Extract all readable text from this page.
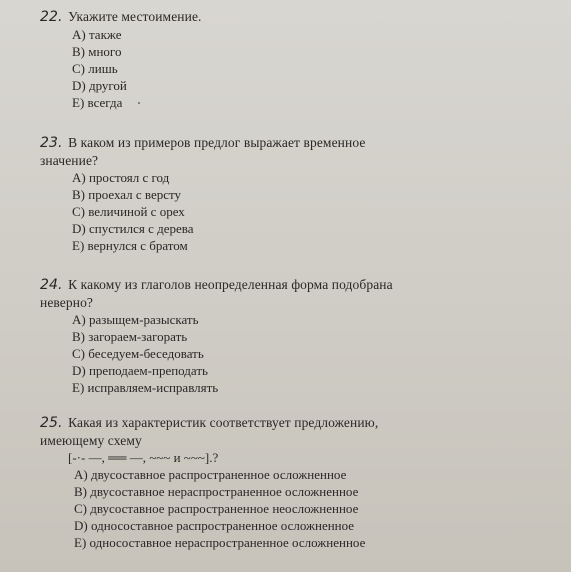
22. Укажите местоимение.
A) также
B) много
C) лишь
D) другой
E) всегда
23. В каком из примеров предлог выражает временное значение?
A) простоял с год
B) проехал с версту
C) величиной с орех
D) спустился с дерева
E) вернулся с братом
24. К какому из глаголов неопределенная форма подобрана неверно?
A) разыщем-разыскать
B) загораем-загорать
C) беседуем-беседовать
D) преподаем-преподать
E) исправляем-исправлять
25. Какая из характеристик соответствует предложению, имеющему схему
[-·- —, ══ —, ~~~ и ~~~].?
A) двусоставное распространенное осложненное
B) двусоставное нераспространенное осложненное
C) двусоставное распространенное неосложненное
D) односоставное распространенное осложненное
E) односоставное нераспространенное осложненное
